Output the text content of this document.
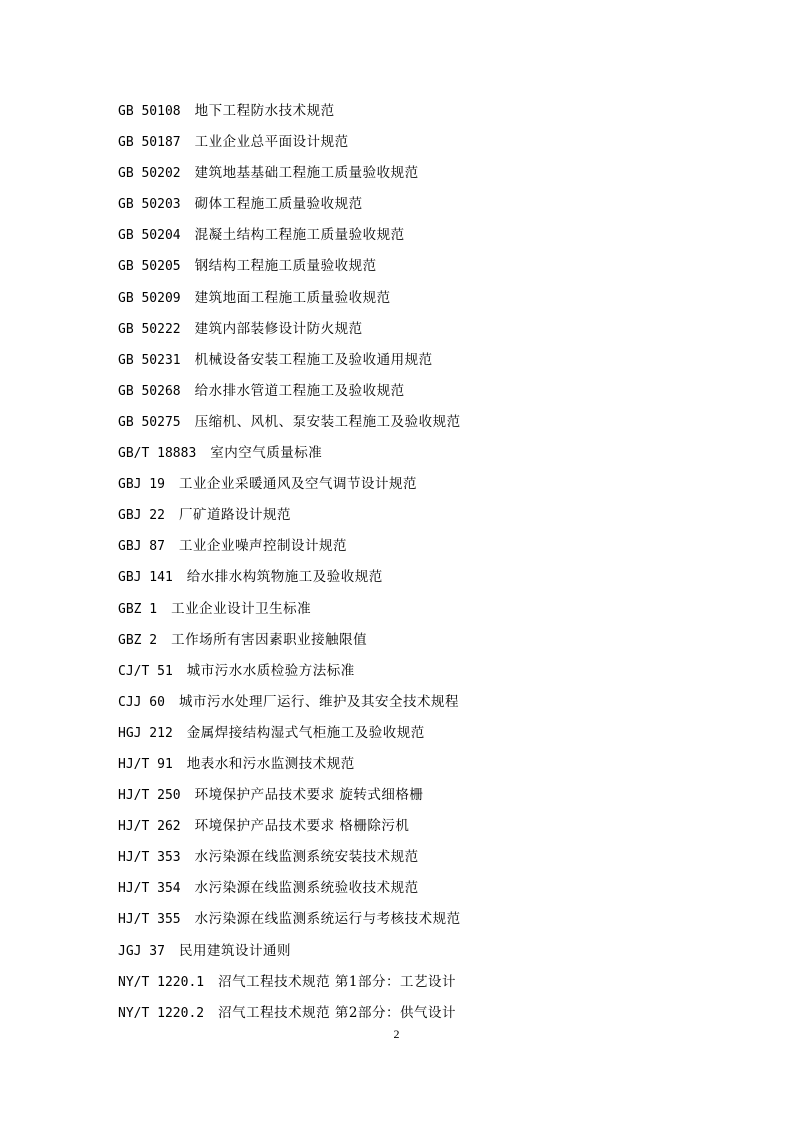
GB 50108 地下工程防水技术规范
GB 50187 工业企业总平面设计规范
GB 50202 建筑地基基础工程施工质量验收规范
GB 50203 砌体工程施工质量验收规范
GB 50204 混凝土结构工程施工质量验收规范
GB 50205 钢结构工程施工质量验收规范
GB 50209 建筑地面工程施工质量验收规范
GB 50222 建筑内部装修设计防火规范
GB 50231 机械设备安装工程施工及验收通用规范
GB 50268 给水排水管道工程施工及验收规范
GB 50275 压缩机、风机、泵安装工程施工及验收规范
GB/T 18883 室内空气质量标准
GBJ 19 工业企业采暖通风及空气调节设计规范
GBJ 22 厂矿道路设计规范
GBJ 87 工业企业噪声控制设计规范
GBJ 141 给水排水构筑物施工及验收规范
GBZ 1 工业企业设计卫生标准
GBZ 2 工作场所有害因素职业接触限值
CJ/T 51 城市污水水质检验方法标准
CJJ 60 城市污水处理厂运行、维护及其安全技术规程
HGJ 212 金属焊接结构湿式气柜施工及验收规范
HJ/T 91 地表水和污水监测技术规范
HJ/T 250 环境保护产品技术要求 旋转式细格栅
HJ/T 262 环境保护产品技术要求 格栅除污机
HJ/T 353 水污染源在线监测系统安装技术规范
HJ/T 354 水污染源在线监测系统验收技术规范
HJ/T 355 水污染源在线监测系统运行与考核技术规范
JGJ 37 民用建筑设计通则
NY/T 1220.1 沼气工程技术规范 第1部分：工艺设计
NY/T 1220.2 沼气工程技术规范 第2部分：供气设计
2
